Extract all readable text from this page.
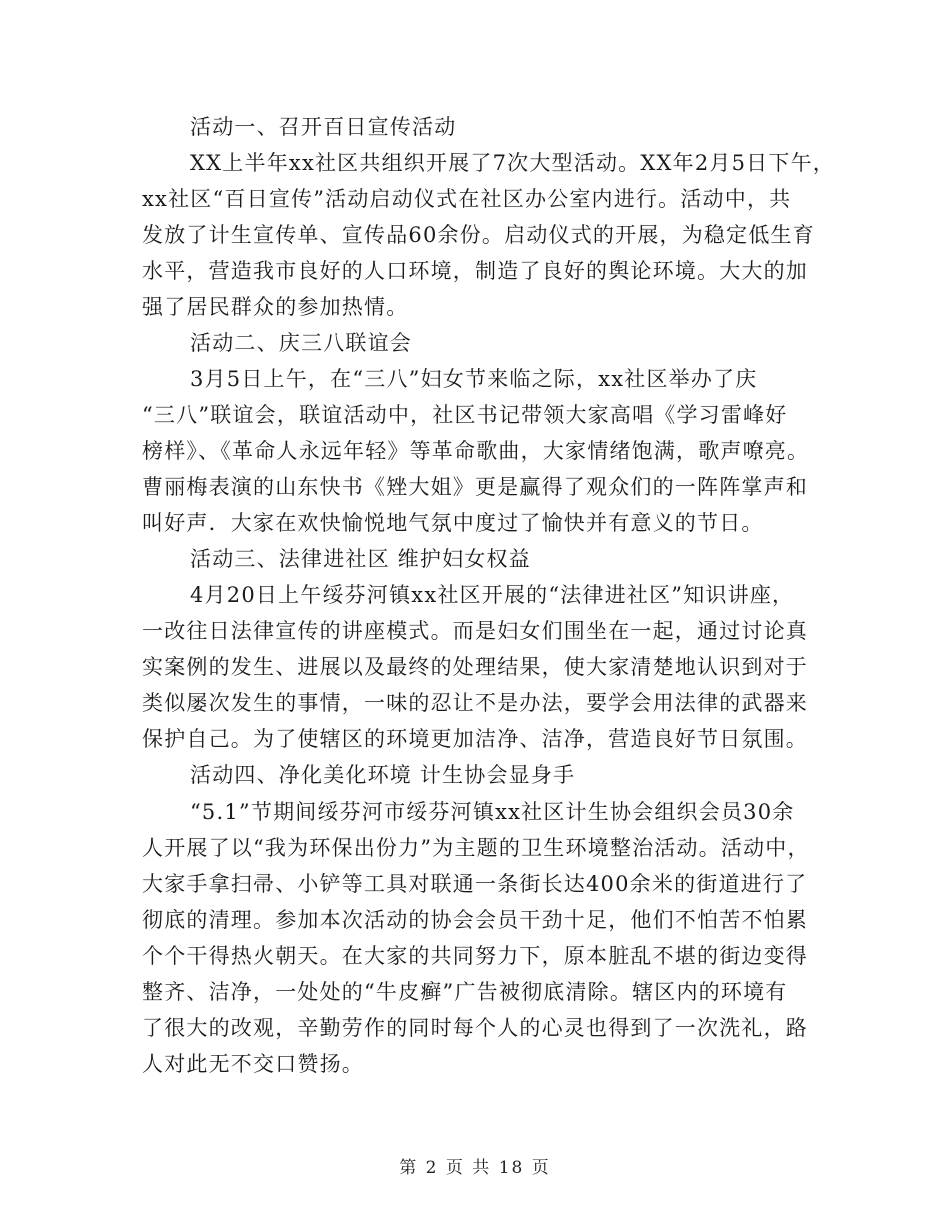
活动一、召开百日宣传活动
XX上半年xx社区共组织开展了7次大型活动。XX年2月5日下午，
xx社区“百日宣传”活动启动仪式在社区办公室内进行。活动中，共
发放了计生宣传单、宣传品60余份。启动仪式的开展，为稳定低生育
水平，营造我市良好的人口环境，制造了良好的舆论环境。大大的加
强了居民群众的参加热情。
活动二、庆三八联谊会
3月5日上午，在“三八”妇女节来临之际，xx社区举办了庆
“三八”联谊会，联谊活动中，社区书记带领大家高唱《学习雷峰好
榜样》、《革命人永远年轻》等革命歌曲，大家情绪饱满，歌声嘹亮。
曹丽梅表演的山东快书《矬大姐》更是赢得了观众们的一阵阵掌声和
叫好声．大家在欢快愉悦地气氛中度过了愉快并有意义的节日。
活动三、法律进社区 维护妇女权益
4月20日上午绥芬河镇xx社区开展的“法律进社区”知识讲座，
一改往日法律宣传的讲座模式。而是妇女们围坐在一起，通过讨论真
实案例的发生、进展以及最终的处理结果，使大家清楚地认识到对于
类似屡次发生的事情，一味的忍让不是办法，要学会用法律的武器来
保护自己。为了使辖区的环境更加洁净、洁净，营造良好节日氛围。
活动四、净化美化环境 计生协会显身手
“5.1”节期间绥芬河市绥芬河镇xx社区计生协会组织会员30余
人开展了以“我为环保出份力”为主题的卫生环境整治活动。活动中，
大家手拿扫帚、小铲等工具对联通一条街长达400余米的街道进行了
彻底的清理。参加本次活动的协会会员干劲十足，他们不怕苦不怕累
个个干得热火朝天。在大家的共同努力下，原本脏乱不堪的街边变得
整齐、洁净，一处处的“牛皮癣”广告被彻底清除。辖区内的环境有
了很大的改观，辛勤劳作的同时每个人的心灵也得到了一次洗礼，路
人对此无不交口赞扬。
第 2 页 共 18 页
